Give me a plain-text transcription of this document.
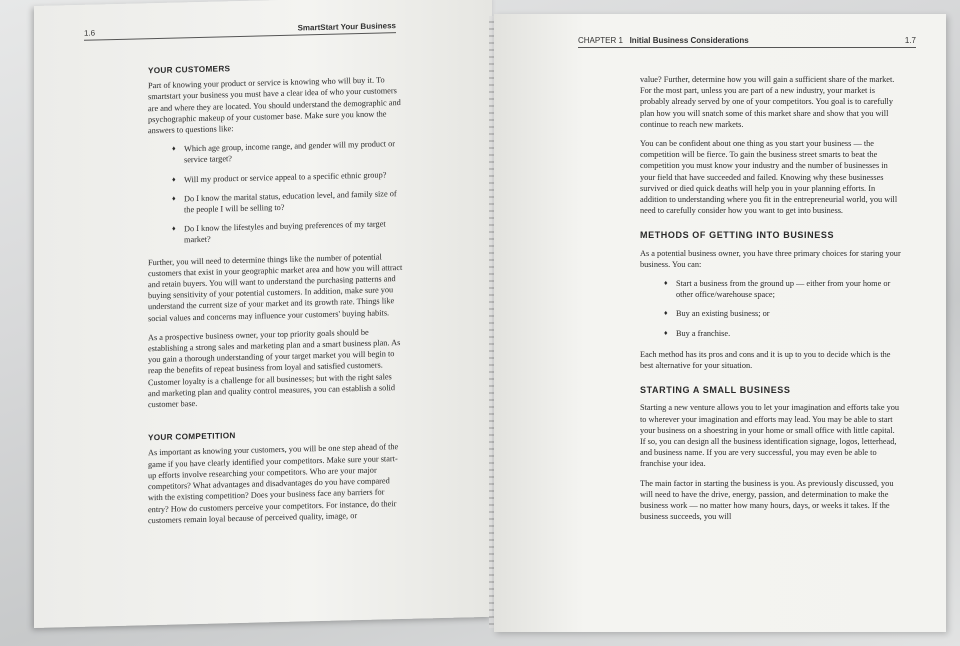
1.6
SmartStart Your Business
YOUR CUSTOMERS

Part of knowing your product or service is knowing who will buy it. To smartstart your business you must have a clear idea of who your customers are and where they are located. You should understand the demographic and psychographic makeup of your customer base. Make sure you know the answers to questions like:

♦ Which age group, income range, and gender will my product or service target?
♦ Will my product or service appeal to a specific ethnic group?
♦ Do I know the marital status, education level, and family size of the people I will be selling to?
♦ Do I know the lifestyles and buying preferences of my target market?

Further, you will need to determine things like the number of potential customers that exist in your geographic market area and how you will attract and retain buyers. You will want to understand the purchasing patterns and buying sensitivity of your potential customers. In addition, make sure you understand the current size of your market and its growth rate. Things like social values and concerns may influence your customers' buying habits.

As a prospective business owner, your top priority goals should be establishing a strong sales and marketing plan and a smart business plan. As you gain a thorough understanding of your target market you will begin to reap the benefits of repeat business from loyal and satisfied customers. Customer loyalty is a challenge for all businesses; but with the right sales and marketing plan and quality control measures, you can establish a solid customer base.

YOUR COMPETITION

As important as knowing your customers, you will be one step ahead of the game if you have clearly identified your competitors. Make sure your start-up efforts involve researching your competitors. Who are your major competitors? What advantages and disadvantages do you have compared with the existing competition? Does your business face any barriers for entry? How do customers perceive your competitors. For instance, do their customers remain loyal because of perceived quality, image, or

CHAPTER 1 Initial Business Considerations	1.7

value? Further, determine how you will gain a sufficient share of the market. For the most part, unless you are part of a new industry, your market is probably already served by one of your competitors. You goal is to carefully plan how you will snatch some of this market share and show that you will continue to reach new markets.

You can be confident about one thing as you start your business — the competition will be fierce. To gain the business street smarts to beat the competition you must know your industry and the number of businesses in your field that have succeeded and failed. Knowing why these businesses survived or died quick deaths will help you in your planning efforts. In addition to understanding where you fit in the entrepreneurial world, you will need to carefully consider how you want to get into business.

METHODS OF GETTING INTO BUSINESS

As a potential business owner, you have three primary choices for staring your business. You can:

♦ Start a business from the ground up — either from your home or other office/warehouse space;
♦ Buy an existing business; or
♦ Buy a franchise.

Each method has its pros and cons and it is up to you to decide which is the best alternative for your situation.

STARTING A SMALL BUSINESS

Starting a new venture allows you to let your imagination and efforts take you to wherever your imagination and efforts may lead. You may be able to start your business on a shoestring in your home or small office with little capital. If so, you can design all the business identification signage, logos, letterhead, and business name. If you are very successful, you may even be able to franchise your idea.

The main factor in starting the business is you. As previously discussed, you will need to have the drive, energy, passion, and determination to make the business work — no matter how many hours, days, or weeks it takes. If the business succeeds, you will
